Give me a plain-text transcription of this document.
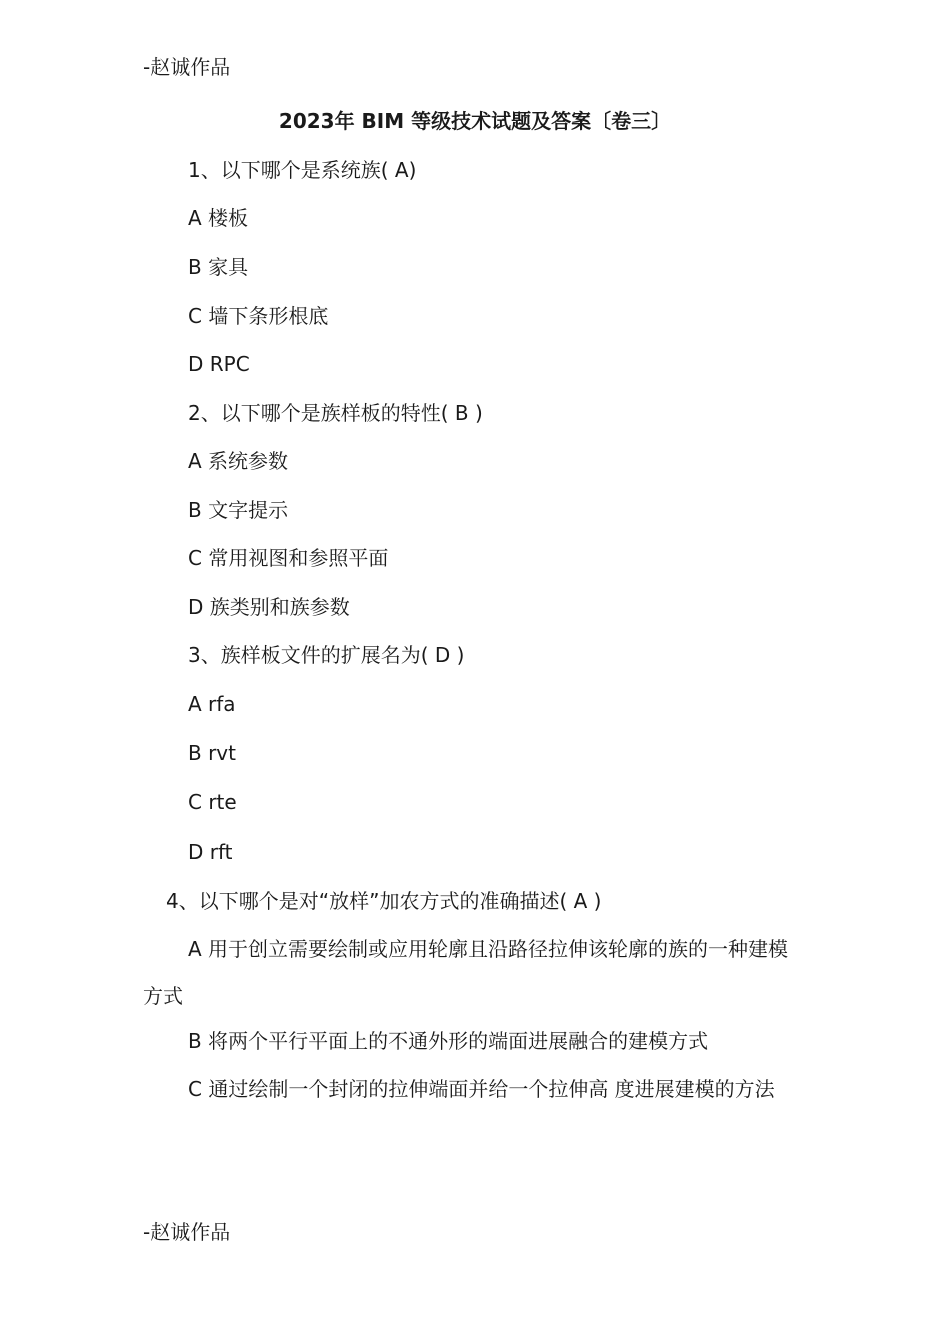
-赵诚作品
2023年 BIM 等级技术试题及答案〔卷三〕
1、以下哪个是系统族( A)
A 楼板
B 家具
C 墙下条形根底
D RPC
2、以下哪个是族样板的特性( B )
A 系统参数
B 文字提示
C 常用视图和参照平面
D 族类别和族参数
3、族样板文件的扩展名为( D )
A rfa
B rvt
C rte
D rft
4、以下哪个是对“放样”加农方式的准确描述( A )
A 用于创立需要绘制或应用轮廓且沿路径拉伸该轮廓的族的一种建模方式
B 将两个平行平面上的不通外形的端面进展融合的建模方式
C 通过绘制一个封闭的拉伸端面并给一个拉伸高 度进展建模的方法
-赵诚作品
